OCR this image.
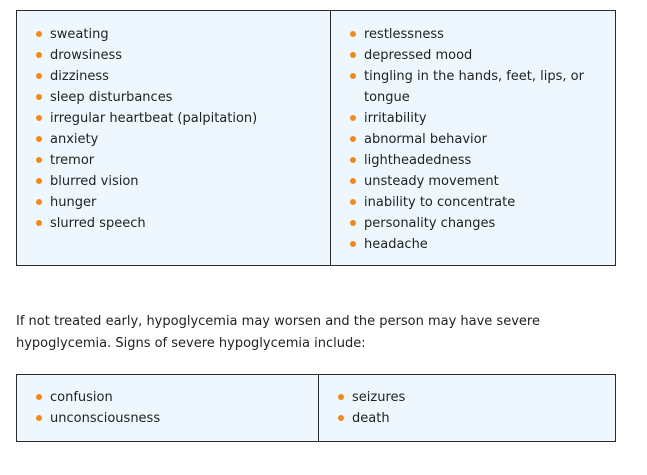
sweating
drowsiness
dizziness
sleep disturbances
irregular heartbeat (palpitation)
anxiety
tremor
blurred vision
hunger
slurred speech
restlessness
depressed mood
tingling in the hands, feet, lips, or tongue
irritability
abnormal behavior
lightheadedness
unsteady movement
inability to concentrate
personality changes
headache

If not treated early, hypoglycemia may worsen and the person may have severe hypoglycemia. Signs of severe hypoglycemia include:

confusion
unconsciousness
seizures
death
